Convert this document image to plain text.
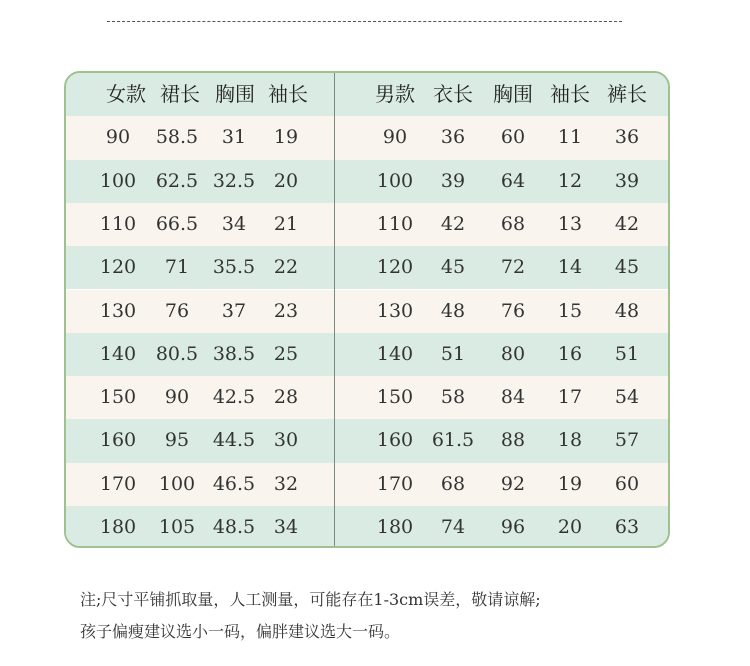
女款 裙长 胸围 袖长	男款 衣长 胸围 袖长 裤长
90 58.5 31 19	90 36 60 11 36
100 62.5 32.5 20	100 39 64 12 39
110 66.5 34 21	110 42 68 13 42
120 71 35.5 22	120 45 72 14 45
130 76 37 23	130 48 76 15 48
140 80.5 38.5 25	140 51 80 16 51
150 90 42.5 28	150 58 84 17 54
160 95 44.5 30	160 61.5 88 18 57
170 100 46.5 32	170 68 92 19 60
180 105 48.5 34	180 74 96 20 63
注;尺寸平铺抓取量，人工测量，可能存在1-3cm误差，敬请谅解;
孩子偏瘦建议选小一码，偏胖建议选大一码。
